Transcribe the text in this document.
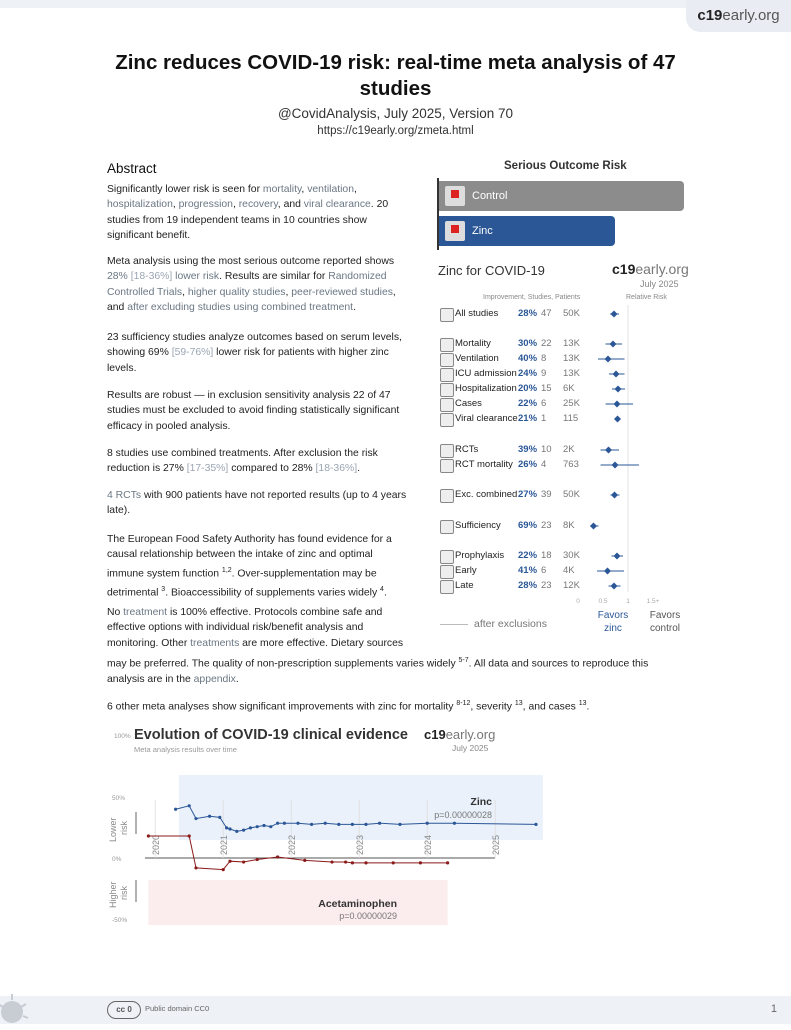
c19early.org
Zinc reduces COVID-19 risk: real-time meta analysis of 47 studies
@CovidAnalysis, July 2025, Version 70
https://c19early.org/zmeta.html
Abstract

Significantly lower risk is seen for mortality, ventilation, hospitalization, progression, recovery, and viral clearance. 20 studies from 19 independent teams in 10 countries show significant benefit.

Meta analysis using the most serious outcome reported shows 28% [18-36%] lower risk. Results are similar for Randomized Controlled Trials, higher quality studies, peer-reviewed studies, and after excluding studies using combined treatment.

23 sufficiency studies analyze outcomes based on serum levels, showing 69% [59-76%] lower risk for patients with higher zinc levels.

Results are robust — in exclusion sensitivity analysis 22 of 47 studies must be excluded to avoid finding statistically significant efficacy in pooled analysis.

8 studies use combined treatments. After exclusion the risk reduction is 27% [17-35%] compared to 28% [18-36%].

4 RCTs with 900 patients have not reported results (up to 4 years late).

The European Food Safety Authority has found evidence for a causal relationship between the intake of zinc and optimal immune system function $^{1,2}$. Over-supplementation may be detrimental $^3$. Bioaccessibility of supplements varies widely $^4$.

No treatment is 100% effective. Protocols combine safe and effective options with individual risk/benefit analysis and monitoring. Other treatments are more effective. Dietary sources

may be preferred. The quality of non-prescription supplements varies widely $^{5-7}$. All data and sources to reproduce this analysis are in the appendix.

6 other meta analyses show significant improvements with zinc for mortality $^{8-12}$, severity $^{13}$, and cases $^{13}$.

Serious Outcome Risk
Control
Zinc
Zinc for COVID-19	c19early.org
July 2025
Improvement, Studies, Patients	Relative Risk
All studies 28% 47 50K
Mortality	30% 22 13K
Ventilation 40% 8 13K
ICU admission 24% 9 13K
Hospitalization 20% 15 6K
Cases	22% 6 25K
Viral clearance 21% 1 115
RCTs	39% 10 2K
RCT mortality 26% 4 763
Exc. combined 27% 39 50K
Sufficiency 69% 23 8K
Prophylaxis 22% 18 30K
Early	41% 6 4K
Late	28% 23 12K
0	0.5	1	1.5+
Favors zinc
Favors control
after exclusions
100%
50%
0%
-50%
Lower risk
Higher risk
2020	2021	2022	2023	2024	2025
Zinc
p=0.00000028
Acetaminophen
p=0.00000029
Evolution of COVID-19 clinical evidence
Meta analysis results over time
c19early.org
July 2025
cc 0	Public domain CC0	1
